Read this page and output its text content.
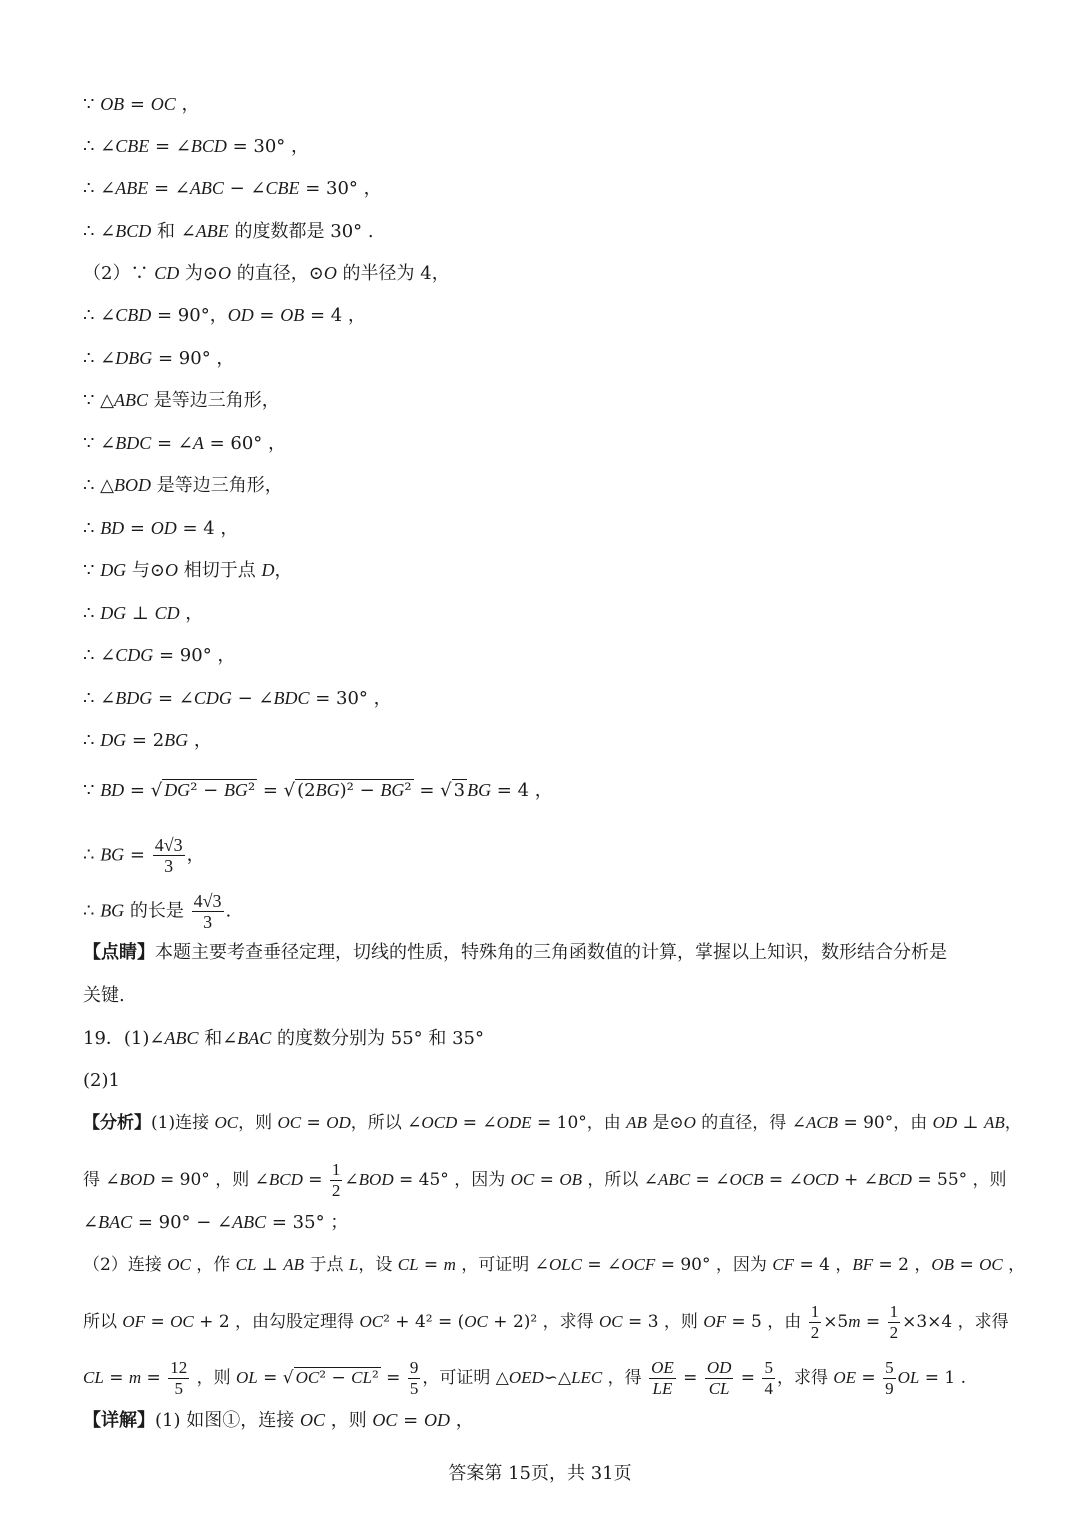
∵ OB = OC ，
∴ ∠CBE = ∠BCD = 30° ，
∴ ∠ABE = ∠ABC − ∠CBE = 30° ，
∴ ∠BCD 和 ∠ABE 的度数都是 30° .
（2）∵ CD 为⊙O 的直径，⊙O 的半径为 4，
∴ ∠CBD = 90°，OD = OB = 4 ，
∴ ∠DBG = 90° ，
∵ △ABC 是等边三角形，
∵ ∠BDC = ∠A = 60° ，
∴ △BOD 是等边三角形，
∴ BD = OD = 4 ，
∵ DG 与⊙O 相切于点 D，
∴ DG ⊥ CD ，
∴ ∠CDG = 90° ，
∴ ∠BDG = ∠CDG − ∠BDC = 30° ，
∴ DG = 2BG ，
∵ BD = √ DG² − BG² = √ (2BG)² − BG² = √ 3 BG = 4 ，
∴ BG = $\frac{4√3}{3}$ ，
∴ BG 的长是 $\frac{4√3}{3}$ .
【点睛】本题主要考查垂径定理，切线的性质，特殊角的三角函数值的计算，掌握以上知识，数形结合分析是
关键.
19．(1)∠ABC 和∠BAC 的度数分别为 55° 和 35°
(2)1
【分析】(1)连接 OC，则 OC = OD，所以 ∠OCD = ∠ODE = 10°，由 AB 是⊙O 的直径，得 ∠ACB = 90°，由 OD ⊥ AB，
得 ∠BOD = 90° ，则 ∠BCD = $\frac{1}{2}$ ∠BOD = 45° ，因为 OC = OB ，所以 ∠ABC = ∠OCB = ∠OCD + ∠BCD = 55° ，则
∠BAC = 90° − ∠ABC = 35° ；
（2）连接 OC ，作 CL ⊥ AB 于点 L，设 CL = m ，可证明 ∠OLC = ∠OCF = 90° ，因为 CF = 4 ，BF = 2 ，OB = OC ，
所以 OF = OC + 2 ，由勾股定理得 OC² + 4² = (OC + 2)² ，求得 OC = 3 ，则 OF = 5 ，由 $\frac{1}{2} \times 5m = \frac{1}{2} \times 3\times 4$ ，求得
CL = $m = \frac{12}{5}$ ，则 OL = √ $OC^2 - CL^2 = \frac{9}{5}$ ，可证明 △OED∽△LEC ，得 $\frac{OE}{LE} = \frac{OD}{CL} = \frac{5}{4}$ ，求得 OE = $\frac{5}{9}$ OL = 1 .
【详解】(1) 如图①，连接 OC ，则 OC = OD ，
答案第 15页，共 31页
